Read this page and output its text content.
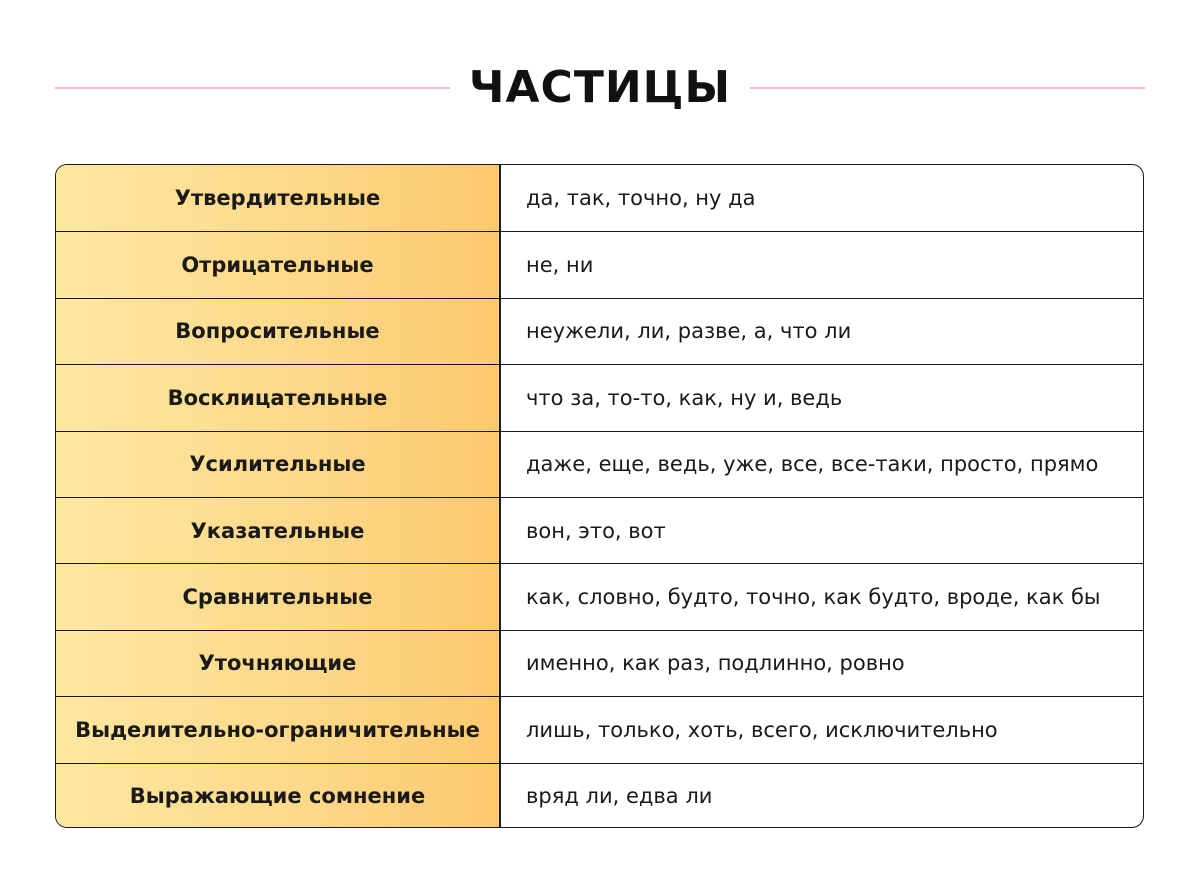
ЧАСТИЦЫ
Утвердительные	да, так, точно, ну да
Отрицательные	не, ни
Вопросительные	неужели, ли, разве, а, что ли
Восклицательные	что за, то-то, как, ну и, ведь
Усилительные	даже, еще, ведь, уже, все, все-таки, просто, прямо
Указательные	вон, это, вот
Сравнительные	как, словно, будто, точно, как будто, вроде, как бы
Уточняющие	именно, как раз, подлинно, ровно
Выделительно-ограничительные	лишь, только, хоть, всего, исключительно
Выражающие сомнение	вряд ли, едва ли
